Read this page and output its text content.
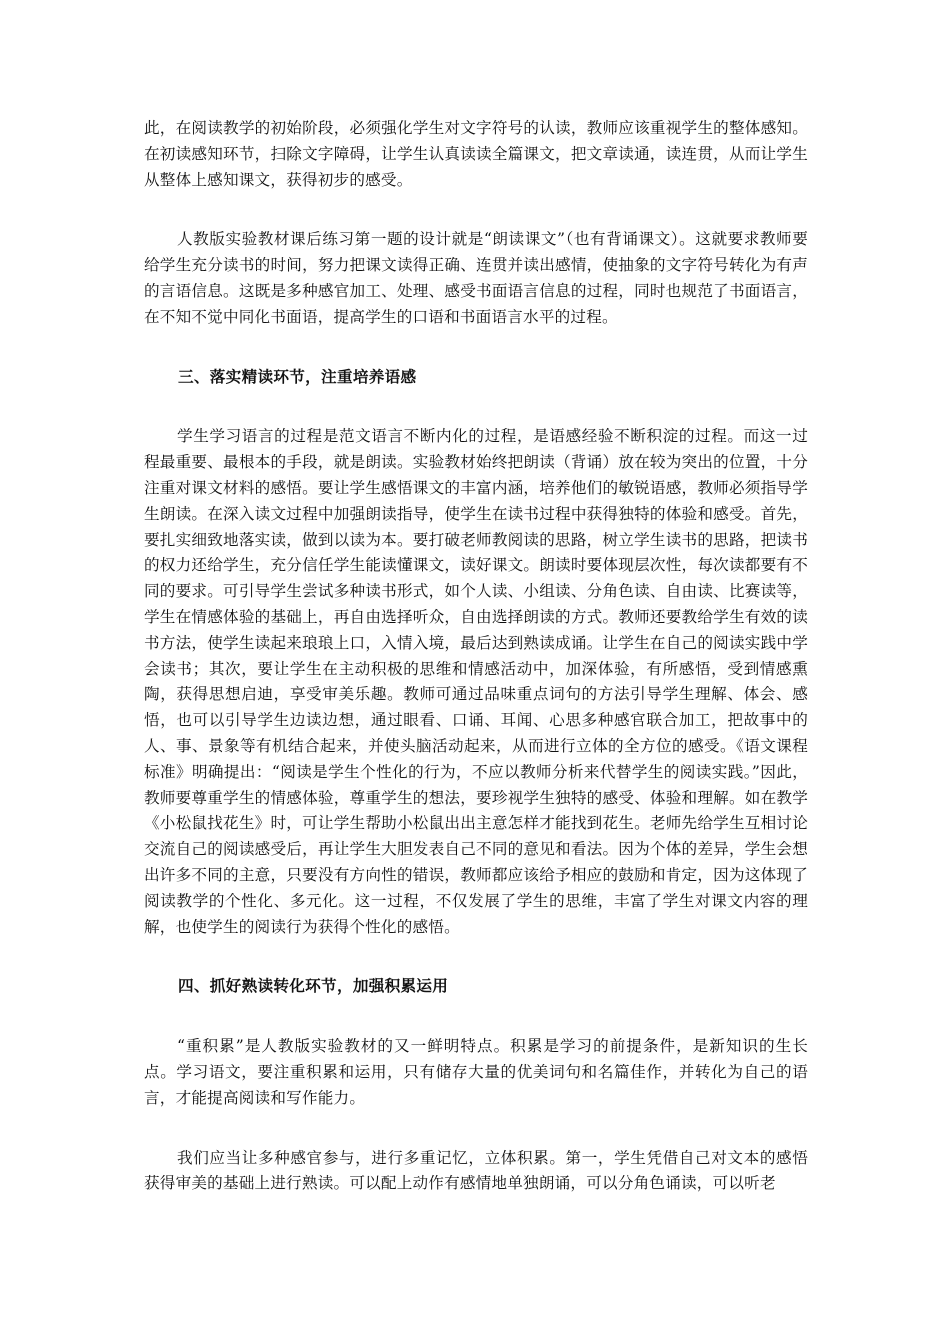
此，在阅读教学的初始阶段，必须强化学生对文字符号的认读，教师应该重视学生的整体感知。在初读感知环节，扫除文字障碍，让学生认真读读全篇课文，把文章读通，读连贯，从而让学生从整体上感知课文，获得初步的感受。

人教版实验教材课后练习第一题的设计就是“朗读课文”（也有背诵课文）。这就要求教师要给学生充分读书的时间，努力把课文读得正确、连贯并读出感情，使抽象的文字符号转化为有声的言语信息。这既是多种感官加工、处理、感受书面语言信息的过程，同时也规范了书面语言，在不知不觉中同化书面语，提高学生的口语和书面语言水平的过程。

三、落实精读环节，注重培养语感

学生学习语言的过程是范文语言不断内化的过程，是语感经验不断积淀的过程。而这一过程最重要、最根本的手段，就是朗读。实验教材始终把朗读（背诵）放在较为突出的位置，十分注重对课文材料的感悟。要让学生感悟课文的丰富内涵，培养他们的敏锐语感，教师必须指导学生朗读。在深入读文过程中加强朗读指导，使学生在读书过程中获得独特的体验和感受。首先，要扎实细致地落实读，做到以读为本。要打破老师教阅读的思路，树立学生读书的思路，把读书的权力还给学生，充分信任学生能读懂课文，读好课文。朗读时要体现层次性，每次读都要有不同的要求。可引导学生尝试多种读书形式，如个人读、小组读、分角色读、自由读、比赛读等，学生在情感体验的基础上，再自由选择听众，自由选择朗读的方式。教师还要教给学生有效的读书方法，使学生读起来琅琅上口，入情入境，最后达到熟读成诵。让学生在自己的阅读实践中学会读书；其次，要让学生在主动积极的思维和情感活动中，加深体验，有所感悟，受到情感熏陶，获得思想启迪，享受审美乐趣。教师可通过品味重点词句的方法引导学生理解、体会、感悟，也可以引导学生边读边想，通过眼看、口诵、耳闻、心思多种感官联合加工，把故事中的人、事、景象等有机结合起来，并使头脑活动起来，从而进行立体的全方位的感受。《语文课程标准》明确提出：“阅读是学生个性化的行为，不应以教师分析来代替学生的阅读实践。”因此，教师要尊重学生的情感体验，尊重学生的想法，要珍视学生独特的感受、体验和理解。如在教学《小松鼠找花生》时，可让学生帮助小松鼠出出主意怎样才能找到花生。老师先给学生互相讨论交流自己的阅读感受后，再让学生大胆发表自己不同的意见和看法。因为个体的差异，学生会想出许多不同的主意，只要没有方向性的错误，教师都应该给予相应的鼓励和肯定，因为这体现了阅读教学的个性化、多元化。这一过程，不仅发展了学生的思维，丰富了学生对课文内容的理解，也使学生的阅读行为获得个性化的感悟。

四、抓好熟读转化环节，加强积累运用

“重积累”是人教版实验教材的又一鲜明特点。积累是学习的前提条件，是新知识的生长点。学习语文，要注重积累和运用，只有储存大量的优美词句和名篇佳作，并转化为自己的语言，才能提高阅读和写作能力。

我们应当让多种感官参与，进行多重记忆，立体积累。第一，学生凭借自己对文本的感悟获得审美的基础上进行熟读。可以配上动作有感情地单独朗诵，可以分角色诵读，可以听老
